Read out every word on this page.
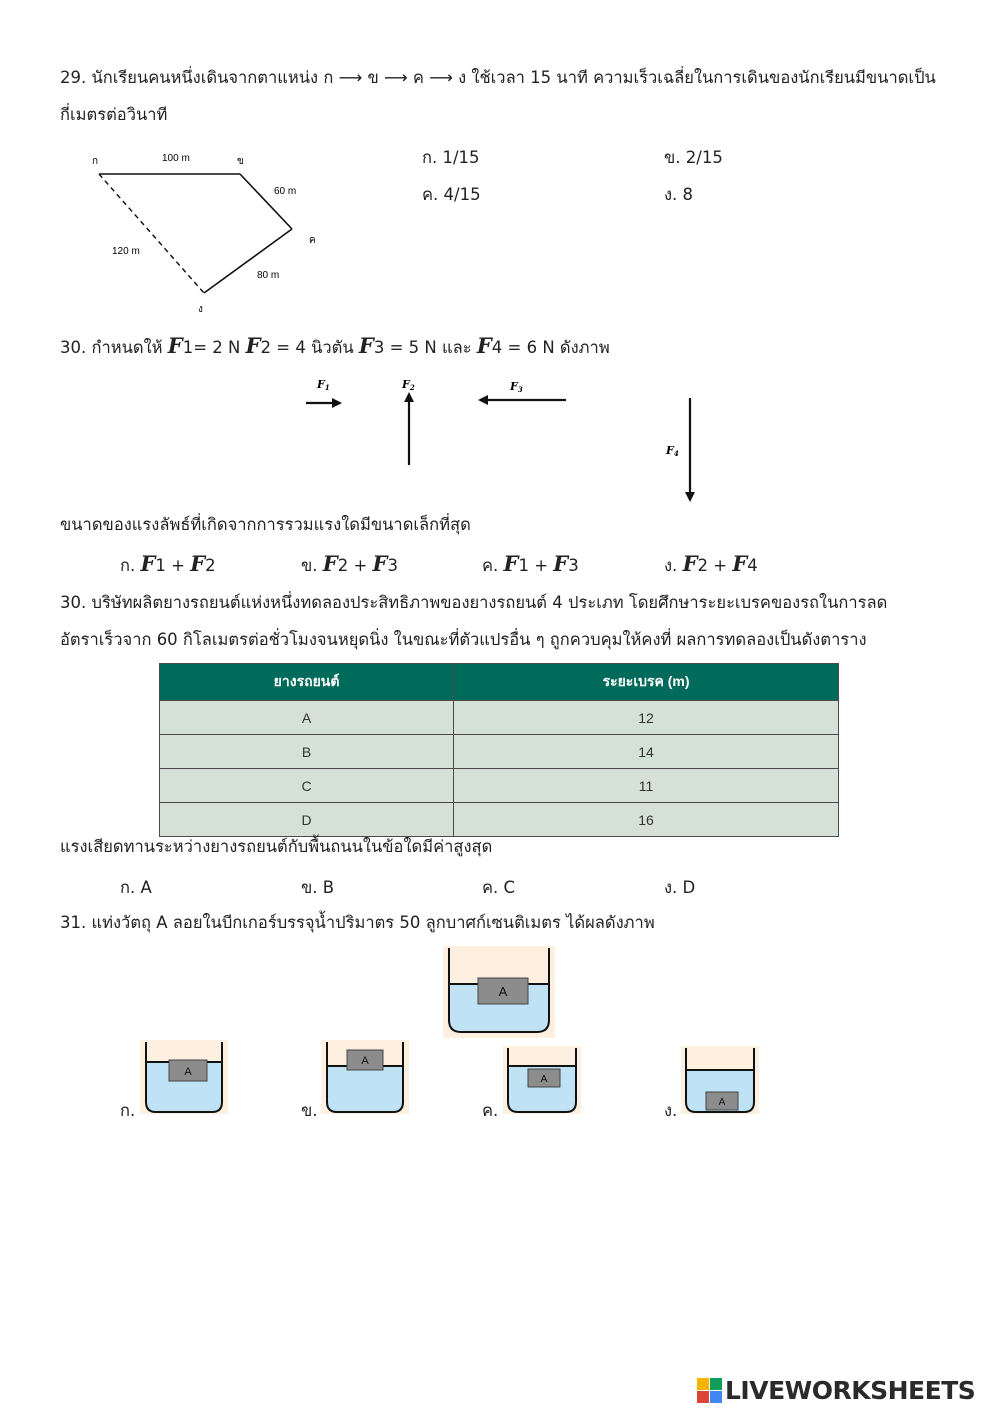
29. นักเรียนคนหนึ่งเดินจากตาแหน่ง ก ⟶ ข ⟶ ค ⟶ ง ใช้เวลา 15 นาที ความเร็วเฉลี่ยในการเดินของนักเรียนมีขนาดเป็น
กี่เมตรต่อวินาที
ก	ข
ค
ง
100 m
60 m
80 m
120 m
ก. 1/15	ข. 2/15
ค. 4/15	ง. 8
30. กำหนดให้ F1= 2 N F2 = 4 นิวตัน F3 = 5 N และ F4 = 6 N ดังภาพ
F1	F2	F3
F4
ขนาดของแรงลัพธ์ที่เกิดจากการรวมแรงใดมีขนาดเล็กที่สุด
ก. F1 + F2	ข. F2 + F3	ค. F1 + F3	ง. F2 + F4
30. บริษัทผลิตยางรถยนต์แห่งหนึ่งทดลองประสิทธิภาพของยางรถยนต์ 4 ประเภท โดยศึกษาระยะเบรคของรถในการลด
อัตราเร็วจาก 60 กิโลเมตรต่อชั่วโมงจนหยุดนิ่ง ในขณะที่ตัวแปรอื่น ๆ ถูกควบคุมให้คงที่ ผลการทดลองเป็นดังตาราง
ยางรถยนต์	ระยะเบรค (m)
A	12
B	14
C	11
D	16
แรงเสียดทานระหว่างยางรถยนต์กับพื้นถนนในข้อใดมีค่าสูงสุด
ก. A	ข. B	ค. C	ง. D
31. แท่งวัตถุ A ลอยในบีกเกอร์บรรจุน้ำปริมาตร 50 ลูกบาศก์เซนติเมตร ได้ผลดังภาพ
A
ก.
A
ข.
A
ค.
A
ง.	A
LIVEWORKSHEETS
